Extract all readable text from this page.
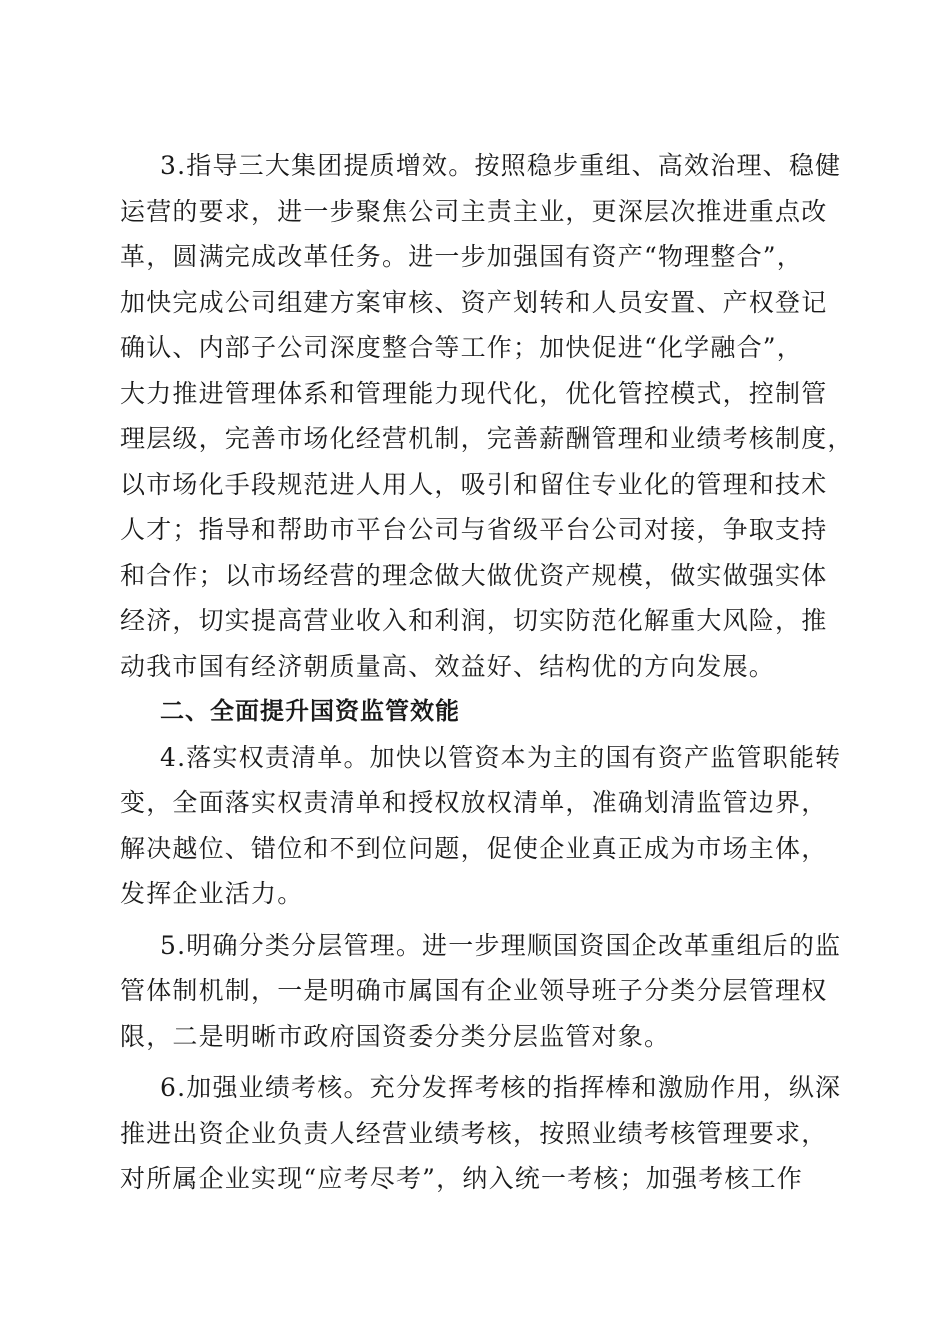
3.指导三大集团提质增效。按照稳步重组、高效治理、稳健
运营的要求，进一步聚焦公司主责主业，更深层次推进重点改
革，圆满完成改革任务。进一步加强国有资产“物理整合”，
加快完成公司组建方案审核、资产划转和人员安置、产权登记
确认、内部子公司深度整合等工作；加快促进“化学融合”，
大力推进管理体系和管理能力现代化，优化管控模式，控制管
理层级，完善市场化经营机制，完善薪酬管理和业绩考核制度，
以市场化手段规范进人用人，吸引和留住专业化的管理和技术
人才；指导和帮助市平台公司与省级平台公司对接，争取支持
和合作；以市场经营的理念做大做优资产规模，做实做强实体
经济，切实提高营业收入和利润，切实防范化解重大风险，推
动我市国有经济朝质量高、效益好、结构优的方向发展。
二、全面提升国资监管效能
4.落实权责清单。加快以管资本为主的国有资产监管职能转
变，全面落实权责清单和授权放权清单，准确划清监管边界，
解决越位、错位和不到位问题，促使企业真正成为市场主体，
发挥企业活力。
5.明确分类分层管理。进一步理顺国资国企改革重组后的监
管体制机制，一是明确市属国有企业领导班子分类分层管理权
限，二是明晰市政府国资委分类分层监管对象。
6.加强业绩考核。充分发挥考核的指挥棒和激励作用，纵深
推进出资企业负责人经营业绩考核，按照业绩考核管理要求，
对所属企业实现“应考尽考”，纳入统一考核；加强考核工作
